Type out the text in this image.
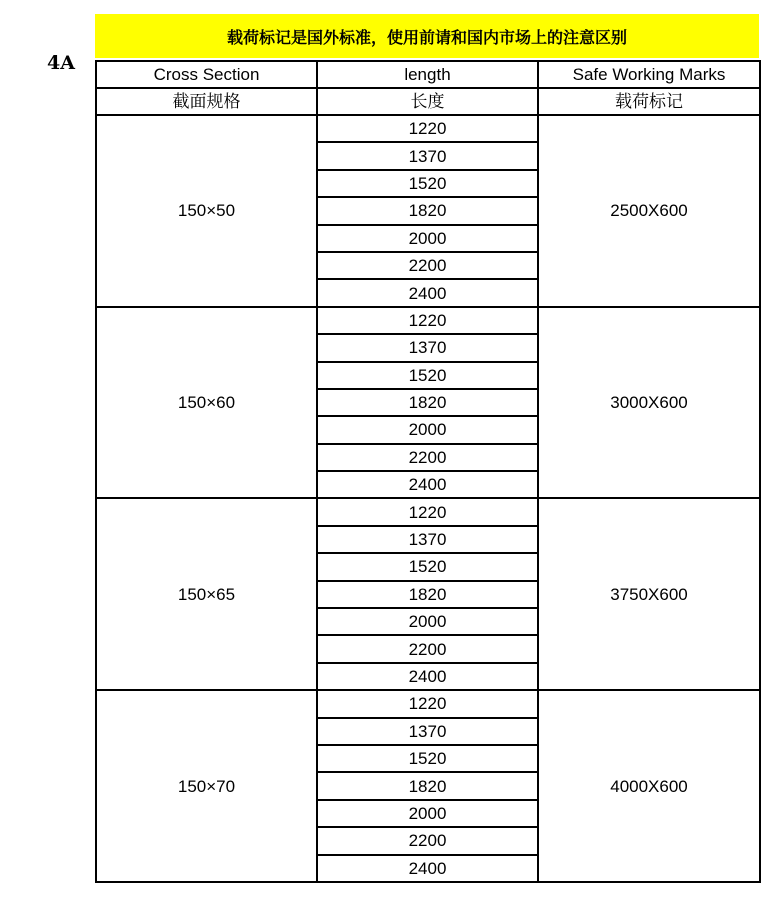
4A
载荷标记是国外标准，使用前请和国内市场上的注意区别
Cross Section	length	Safe Working Marks
截面规格	长度	载荷标记
150×50	1220	2500X600
	1370	
	1520	
	1820	
	2000	
	2200	
	2400	
150×60	1220	3000X600
	1370	
	1520	
	1820	
	2000	
	2200	
	2400	
150×65	1220	3750X600
	1370	
	1520	
	1820	
	2000	
	2200	
	2400	
150×70	1220	4000X600
	1370	
	1520	
	1820	
	2000	
	2200	
	2400	
